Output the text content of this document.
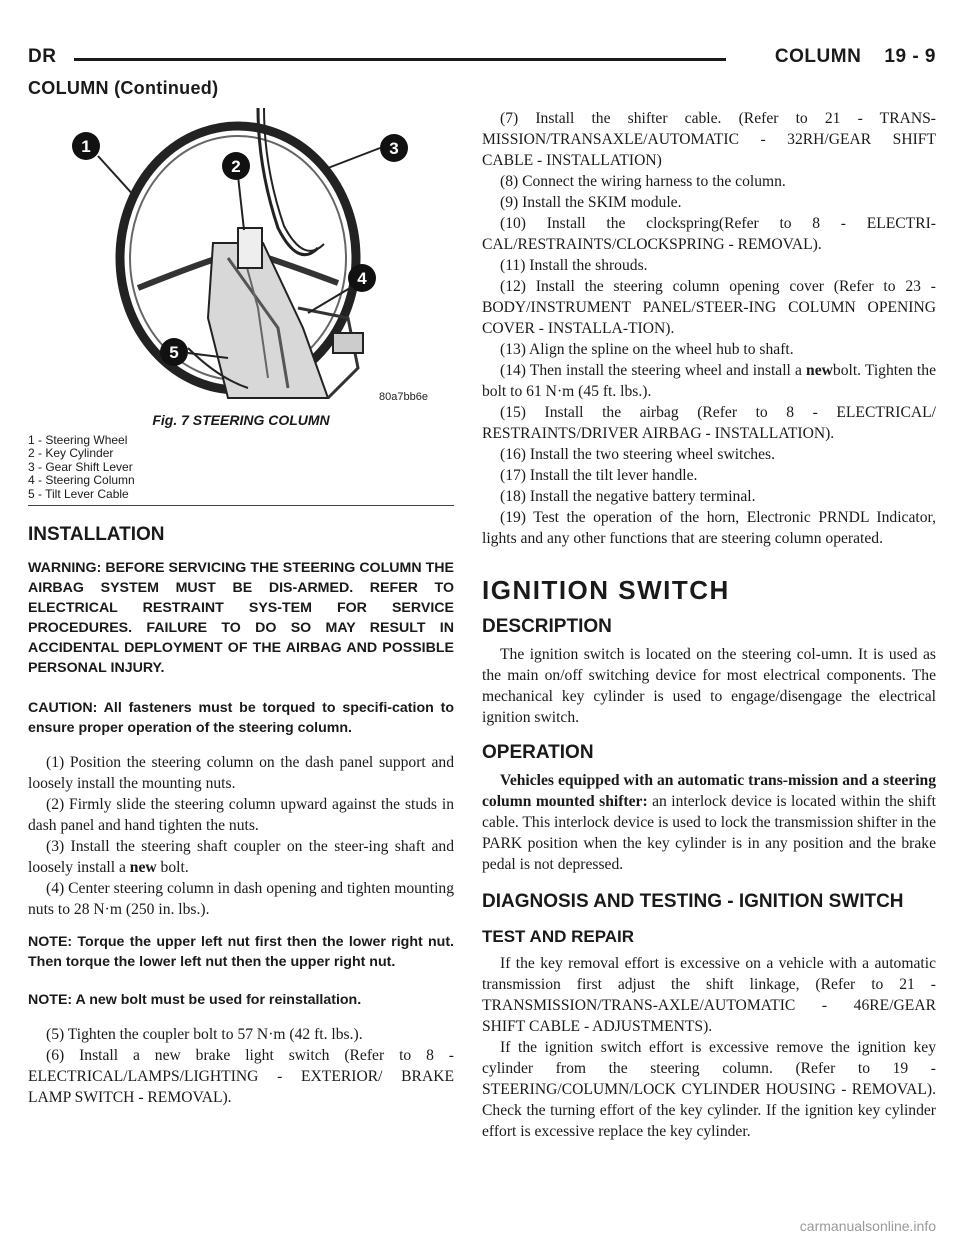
DR	COLUMN    19 - 9
COLUMN (Continued)
1
2
3
4
5
80a7bb6e
Fig. 7 STEERING COLUMN
1 - Steering Wheel
2 - Key Cylinder
3 - Gear Shift Lever
4 - Steering Column
5 - Tilt Lever Cable
INSTALLATION
WARNING: BEFORE SERVICING THE STEERING COLUMN THE AIRBAG SYSTEM MUST BE DIS-ARMED. REFER TO ELECTRICAL RESTRAINT SYS-TEM FOR SERVICE PROCEDURES. FAILURE TO DO SO MAY RESULT IN ACCIDENTAL DEPLOYMENT OF THE AIRBAG AND POSSIBLE PERSONAL INJURY.
CAUTION: All fasteners must be torqued to specifi-cation to ensure proper operation of the steering column.
(1) Position the steering column on the dash panel support and loosely install the mounting nuts.
(2) Firmly slide the steering column upward against the studs in dash panel and hand tighten the nuts.
(3) Install the steering shaft coupler on the steer-ing shaft and loosely install a new bolt.
(4) Center steering column in dash opening and tighten mounting nuts to 28 N·m (250 in. lbs.).
NOTE: Torque the upper left nut first then the lower right nut. Then torque the lower left nut then the upper right nut.
NOTE: A new bolt must be used for reinstallation.
(5) Tighten the coupler bolt to 57 N·m (42 ft. lbs.).
(6) Install a new brake light switch (Refer to 8 - ELECTRICAL/LAMPS/LIGHTING - EXTERIOR/ BRAKE LAMP SWITCH - REMOVAL).
(7) Install the shifter cable. (Refer to 21 - TRANS-MISSION/TRANSAXLE/AUTOMATIC - 32RH/GEAR SHIFT CABLE - INSTALLATION)
(8) Connect the wiring harness to the column.
(9) Install the SKIM module.
(10) Install the clockspring(Refer to 8 - ELECTRI-CAL/RESTRAINTS/CLOCKSPRING - REMOVAL).
(11) Install the shrouds.
(12) Install the steering column opening cover (Refer to 23 - BODY/INSTRUMENT PANEL/STEER-ING COLUMN OPENING COVER - INSTALLA-TION).
(13) Align the spline on the wheel hub to shaft.
(14) Then install the steering wheel and install a newbolt. Tighten the bolt to 61 N·m (45 ft. lbs.).
(15) Install the airbag (Refer to 8 - ELECTRICAL/ RESTRAINTS/DRIVER AIRBAG - INSTALLATION).
(16) Install the two steering wheel switches.
(17) Install the tilt lever handle.
(18) Install the negative battery terminal.
(19) Test the operation of the horn, Electronic PRNDL Indicator, lights and any other functions that are steering column operated.
IGNITION SWITCH
DESCRIPTION
The ignition switch is located on the steering col-umn. It is used as the main on/off switching device for most electrical components. The mechanical key cylinder is used to engage/disengage the electrical ignition switch.
OPERATION
Vehicles equipped with an automatic trans-mission and a steering column mounted shifter: an interlock device is located within the shift cable. This interlock device is used to lock the transmission shifter in the PARK position when the key cylinder is in any position and the brake pedal is not depressed.
DIAGNOSIS AND TESTING - IGNITION SWITCH
TEST AND REPAIR
If the key removal effort is excessive on a vehicle with a automatic transmission first adjust the shift linkage, (Refer to 21 - TRANSMISSION/TRANS-AXLE/AUTOMATIC - 46RE/GEAR SHIFT CABLE - ADJUSTMENTS).
If the ignition switch effort is excessive remove the ignition key cylinder from the steering column. (Refer to 19 - STEERING/COLUMN/LOCK CYLINDER HOUSING - REMOVAL). Check the turning effort of the key cylinder. If the ignition key cylinder effort is excessive replace the key cylinder.
carmanualsonline.info
